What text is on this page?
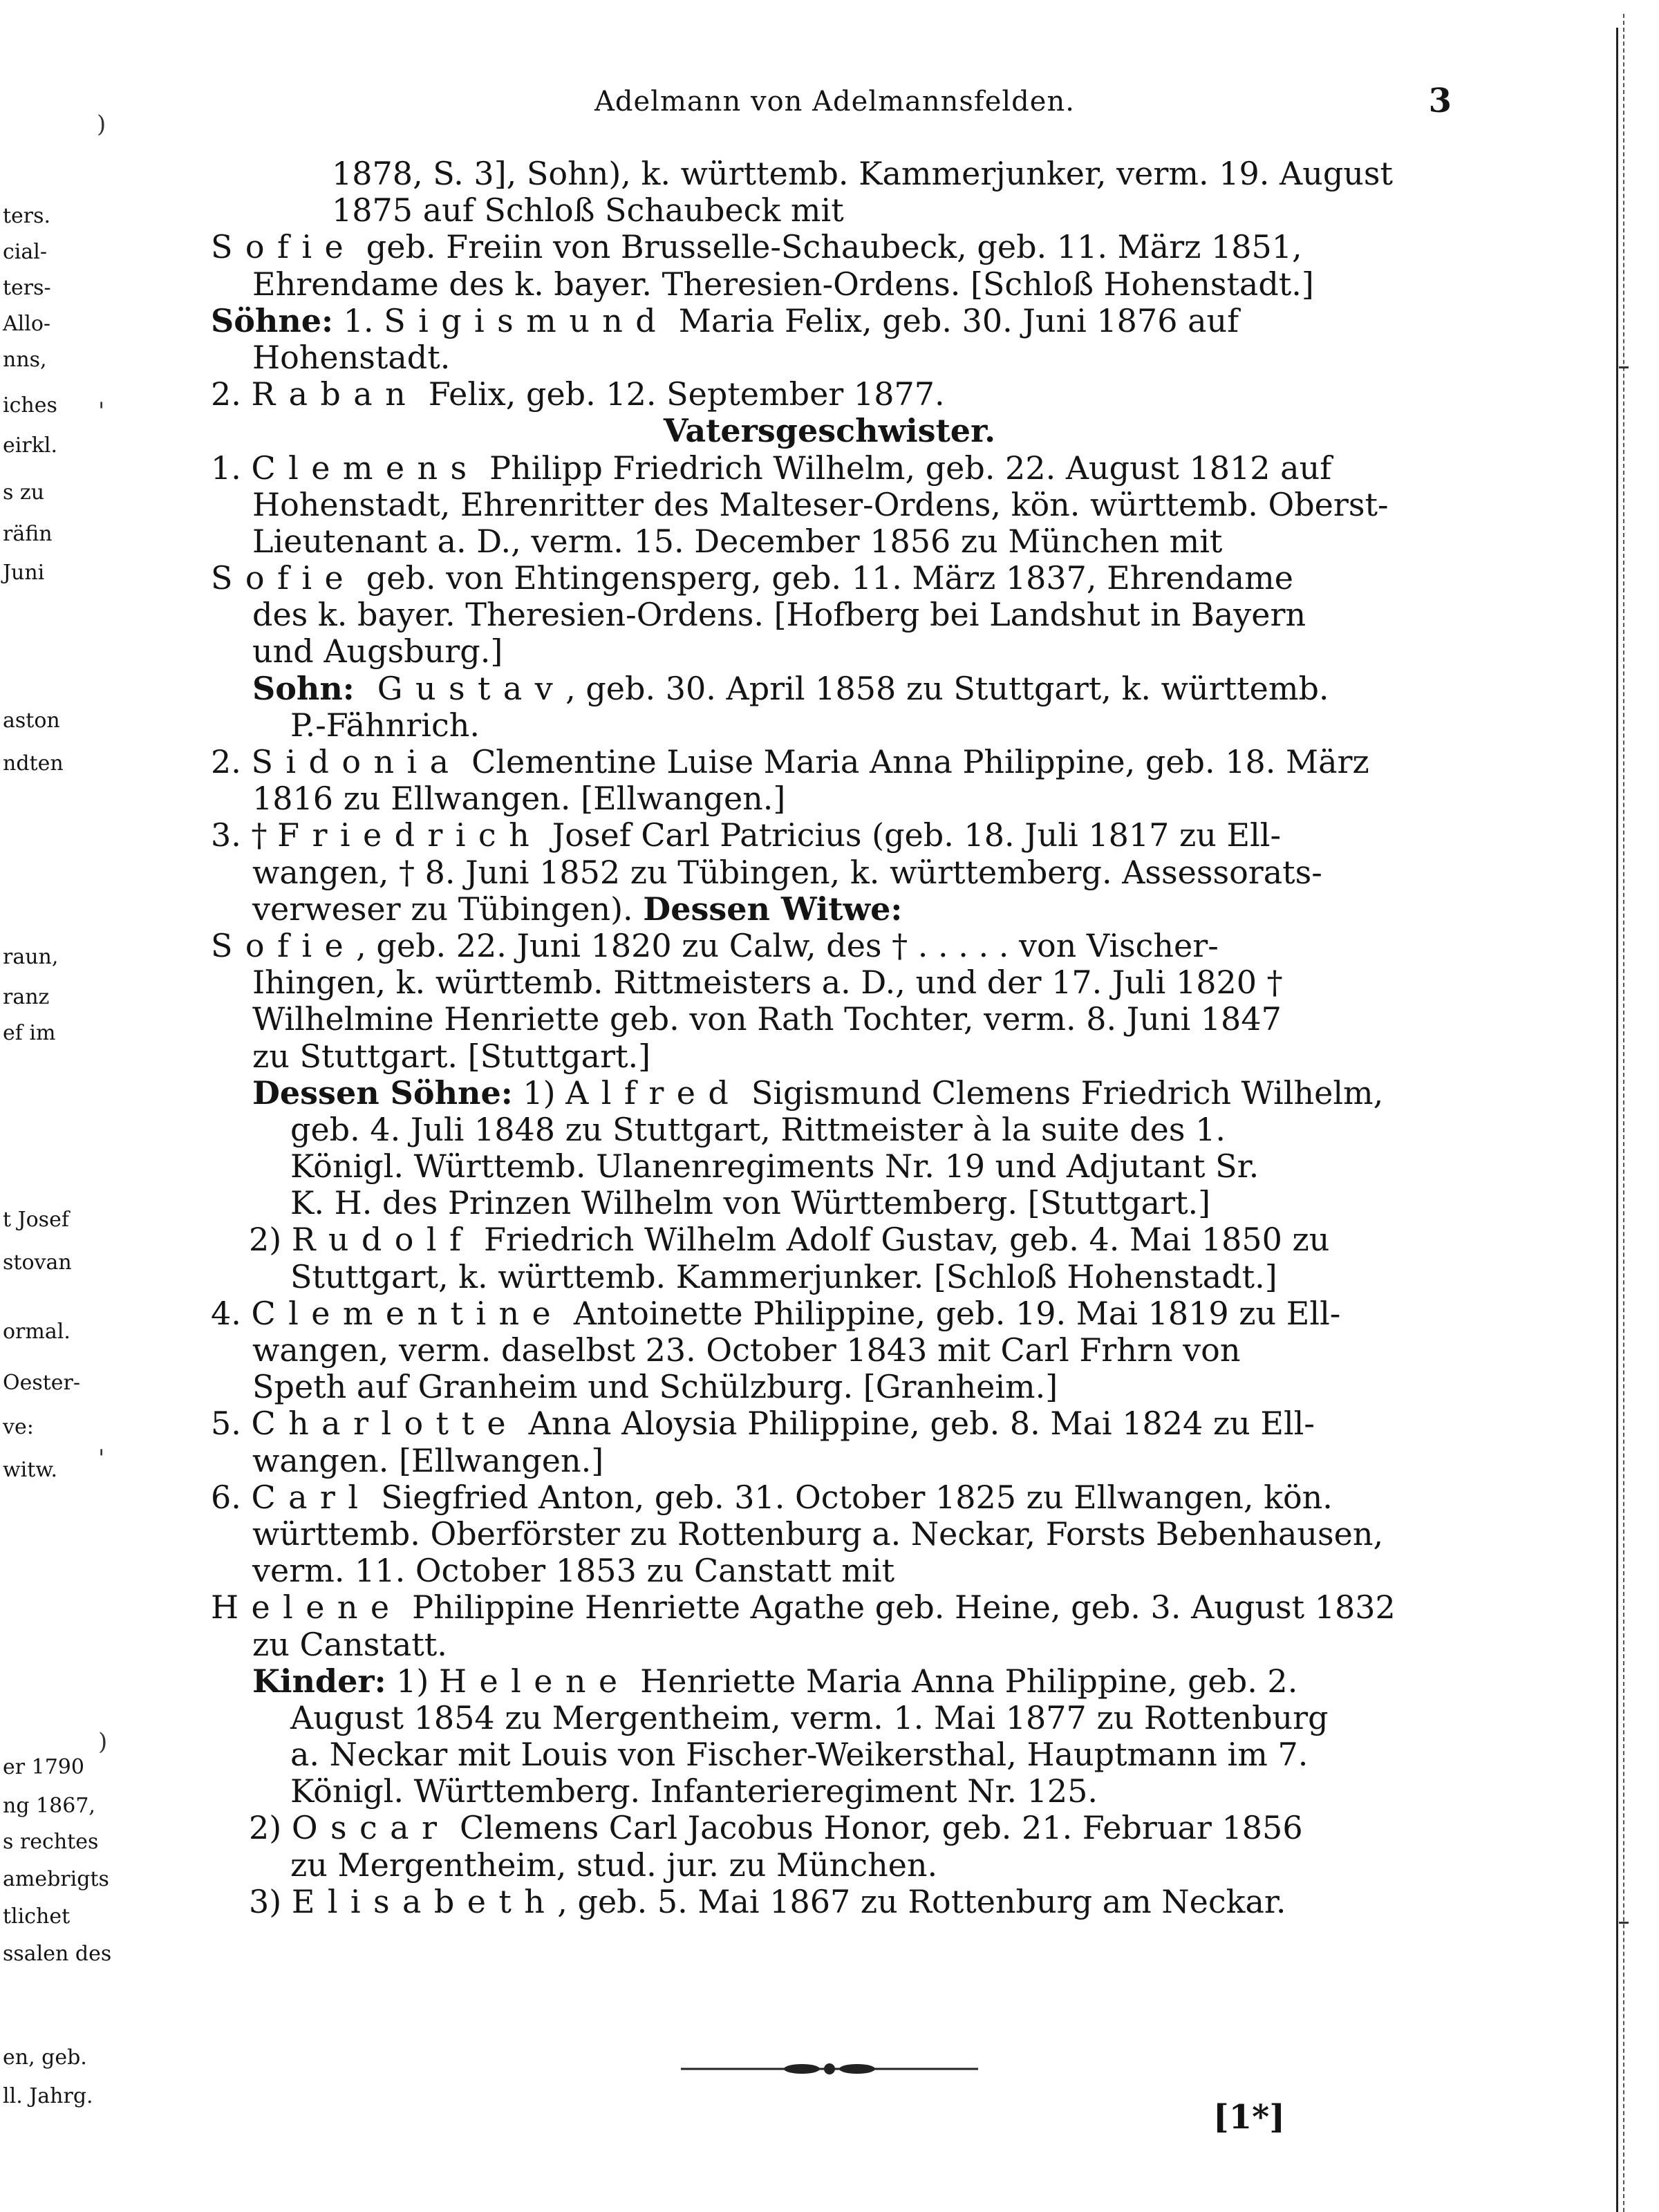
ters.
cial-
ters-
Allo-
nns,
iches
eirkl.
s zu
räfin
Juni
aston
ndten
raun,
ranz
ef im
t Josef
stovan
ormal.
Oester-
ve:
witw.
er 1790
ng 1867,
s rechtes
amebrigts
tlichet
ssalen des
en, geb.
ll. Jahrg.
)
'
'
)
Adelmann von Adelmannsfelden.	3
1878, S. 3], Sohn), k. württemb. Kammerjunker, verm. 19. August
1875 auf Schloß Schaubeck mit
Sofie geb. Freiin von Brusselle-Schaubeck, geb. 11. März 1851,
Ehrendame des k. bayer. Theresien-Ordens. [Schloß Hohenstadt.]
Söhne: 1. Sigismund Maria Felix, geb. 30. Juni 1876 auf
Hohenstadt.
2. Raban Felix, geb. 12. September 1877.
Vatersgeschwister.
1. Clemens Philipp Friedrich Wilhelm, geb. 22. August 1812 auf
Hohenstadt, Ehrenritter des Malteser-Ordens, kön. württemb. Oberst-
Lieutenant a. D., verm. 15. December 1856 zu München mit
Sofie geb. von Ehtingensperg, geb. 11. März 1837, Ehrendame
des k. bayer. Theresien-Ordens. [Hofberg bei Landshut in Bayern
und Augsburg.]
Sohn: Gustav, geb. 30. April 1858 zu Stuttgart, k. württemb.
P.-Fähnrich.
2. Sidonia Clementine Luise Maria Anna Philippine, geb. 18. März
1816 zu Ellwangen. [Ellwangen.]
3. † Friedrich Josef Carl Patricius (geb. 18. Juli 1817 zu Ell-
wangen, † 8. Juni 1852 zu Tübingen, k. württemberg. Assessorats-
verweser zu Tübingen). Dessen Witwe:
Sofie, geb. 22. Juni 1820 zu Calw, des † . . . . . von Vischer-
Ihingen, k. württemb. Rittmeisters a. D., und der 17. Juli 1820 †
Wilhelmine Henriette geb. von Rath Tochter, verm. 8. Juni 1847
zu Stuttgart. [Stuttgart.]
Dessen Söhne: 1) Alfred Sigismund Clemens Friedrich Wilhelm,
geb. 4. Juli 1848 zu Stuttgart, Rittmeister à la suite des 1.
Königl. Württemb. Ulanenregiments Nr. 19 und Adjutant Sr.
K. H. des Prinzen Wilhelm von Württemberg. [Stuttgart.]
2) Rudolf Friedrich Wilhelm Adolf Gustav, geb. 4. Mai 1850 zu
Stuttgart, k. württemb. Kammerjunker. [Schloß Hohenstadt.]
4. Clementine Antoinette Philippine, geb. 19. Mai 1819 zu Ell-
wangen, verm. daselbst 23. October 1843 mit Carl Frhrn von
Speth auf Granheim und Schülzburg. [Granheim.]
5. Charlotte Anna Aloysia Philippine, geb. 8. Mai 1824 zu Ell-
wangen. [Ellwangen.]
6. Carl Siegfried Anton, geb. 31. October 1825 zu Ellwangen, kön.
württemb. Oberförster zu Rottenburg a. Neckar, Forsts Bebenhausen,
verm. 11. October 1853 zu Canstatt mit
Helene Philippine Henriette Agathe geb. Heine, geb. 3. August 1832
zu Canstatt.
Kinder: 1) Helene Henriette Maria Anna Philippine, geb. 2.
August 1854 zu Mergentheim, verm. 1. Mai 1877 zu Rottenburg
a. Neckar mit Louis von Fischer-Weikersthal, Hauptmann im 7.
Königl. Württemberg. Infanterieregiment Nr. 125.
2) Oscar Clemens Carl Jacobus Honor, geb. 21. Februar 1856
zu Mergentheim, stud. jur. zu München.
3) Elisabeth, geb. 5. Mai 1867 zu Rottenburg am Neckar.
[1*]
